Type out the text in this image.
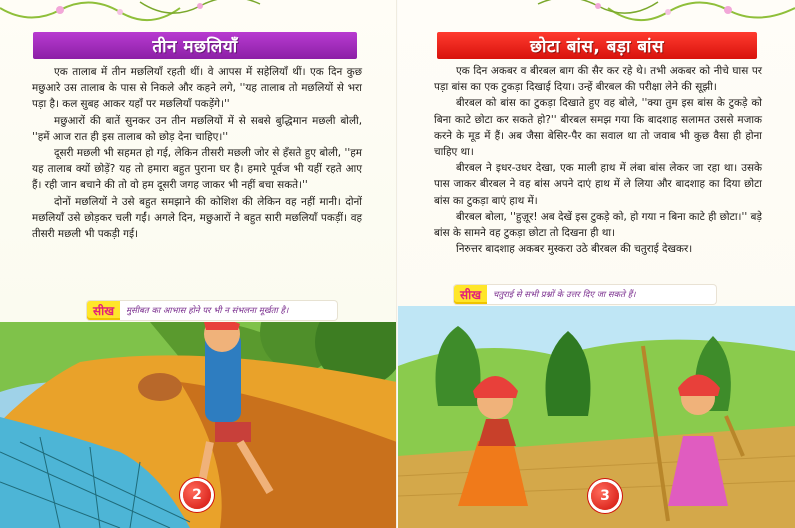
तीन मछलियाँ

एक तालाब में तीन मछलियाँ रहती थीं। वे आपस में सहेलियाँ थीं। एक दिन कुछ मछुआरे उस तालाब के पास से निकले और कहने लगे, ''यह तालाब तो मछलियों से भरा पड़ा है। कल सुबह आकर यहाँ पर मछलियाँ पकड़ेंगे।''

मछुआरों की बातें सुनकर उन तीन मछलियों में से सबसे बुद्धिमान मछली बोली, ''हमें आज रात ही इस तालाब को छोड़ देना चाहिए।''

दूसरी मछली भी सहमत हो गई, लेकिन तीसरी मछली जोर से हँसते हुए बोली, ''हम यह तालाब क्यों छोड़ें? यह तो हमारा बहुत पुराना घर है। हमारे पूर्वज भी यहीं रहते आए हैं। रही जान बचाने की तो वो हम दूसरी जगह जाकर भी नहीं बचा सकते।''

दोनों मछलियों ने उसे बहुत समझाने की कोशिश की लेकिन वह नहीं मानी। दोनों मछलियाँ उसे छोड़कर चली गईं। अगले दिन, मछुआरों ने बहुत सारी मछलियाँ पकड़ीं। वह तीसरी मछली भी पकड़ी गई।

सीख	मुसीबत का आभास होने पर भी न संभलना मूर्खता है।
2
छोटा बांस, बड़ा बांस

एक दिन अकबर व बीरबल बाग की सैर कर रहे थे। तभी अकबर को नीचे घास पर पड़ा बांस का एक टुकड़ा दिखाई दिया। उन्हें बीरबल की परीक्षा लेने की सूझी।

बीरबल को बांस का टुकड़ा दिखाते हुए वह बोले, ''क्या तुम इस बांस के टुकड़े को बिना काटे छोटा कर सकते हो?'' बीरबल समझ गया कि बादशाह सलामत उससे मजाक करने के मूड में हैं। अब जैसा बेसिर-पैर का सवाल था तो जवाब भी कुछ वैसा ही होना चाहिए था।

बीरबल ने इधर-उधर देखा, एक माली हाथ में लंबा बांस लेकर जा रहा था। उसके पास जाकर बीरबल ने वह बांस अपने दाएं हाथ में ले लिया और बादशाह का दिया छोटा बांस का टुकड़ा बाएं हाथ में।

बीरबल बोला, ''हुज़ूर! अब देखें इस टुकड़े को, हो गया न बिना काटे ही छोटा।'' बड़े बांस के सामने वह टुकड़ा छोटा तो दिखना ही था।

निरुत्तर बादशाह अकबर मुस्करा उठे बीरबल की चतुराई देखकर।

सीख	चतुराई से सभी प्रश्नों के उत्तर दिए जा सकते हैं।
3
